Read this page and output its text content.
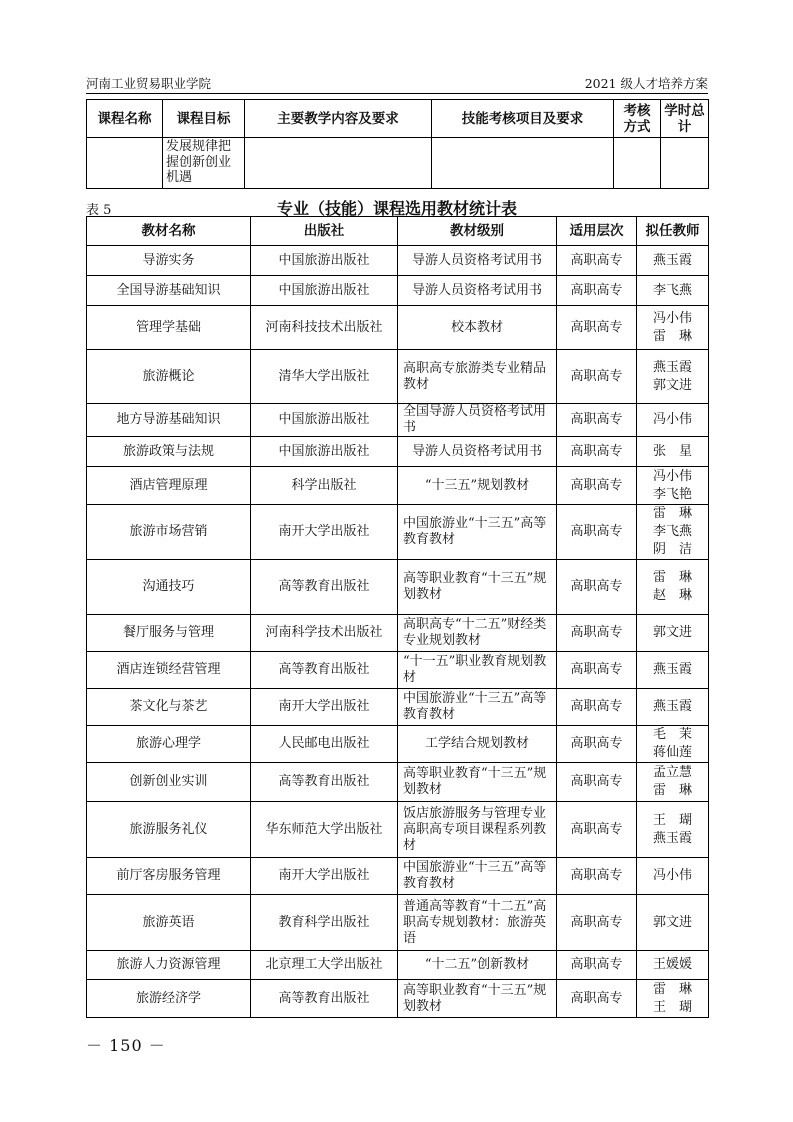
河南工业贸易职业学院	2021 级人才培养方案
课程名称	课程目标	主要教学内容及要求	技能考核项目及要求	考核方式	学时总计
	发展规律把握创新创业机遇				
表 5	专业（技能）课程选用教材统计表
教材名称	出版社	教材级别	适用层次	拟任教师
导游实务	中国旅游出版社	导游人员资格考试用书	高职高专	燕玉霞

全国导游基础知识	中国旅游出版社	导游人员资格考试用书	高职高专	李飞燕

管理学基础	河南科技技术出版社	校本教材	高职高专	冯小伟
雷　琳

旅游概论	清华大学出版社	高职高专旅游类专业精品教材	高职高专	燕玉霞
郭文进

地方导游基础知识	中国旅游出版社	全国导游人员资格考试用书	高职高专	冯小伟

旅游政策与法规	中国旅游出版社	导游人员资格考试用书	高职高专	张　星

酒店管理原理	科学出版社	“十三五”规划教材	高职高专	冯小伟
李飞艳

旅游市场营销	南开大学出版社	中国旅游业“十三五”高等教育教材	高职高专	雷　琳
李飞燕
阴　洁

沟通技巧	高等教育出版社	高等职业教育“十三五”规划教材	高职高专	雷　琳
赵　琳

餐厅服务与管理	河南科学技术出版社	高职高专“十二五”财经类专业规划教材	高职高专	郭文进

酒店连锁经营管理	高等教育出版社	“十一五”职业教育规划教材	高职高专	燕玉霞

茶文化与茶艺	南开大学出版社	中国旅游业“十三五”高等教育教材	高职高专	燕玉霞

旅游心理学	人民邮电出版社	工学结合规划教材	高职高专	毛　茉
蒋仙莲

创新创业实训	高等教育出版社	高等职业教育“十三五”规划教材	高职高专	孟立慧
雷　琳

旅游服务礼仪	华东师范大学出版社	饭店旅游服务与管理专业高职高专项目课程系列教材	高职高专	王　瑚
燕玉霞

前厅客房服务管理	南开大学出版社	中国旅游业“十三五”高等教育教材	高职高专	冯小伟

旅游英语	教育科学出版社	普通高等教育“十二五”高职高专规划教材：旅游英语	高职高专	郭文进

旅游人力资源管理	北京理工大学出版社	“十二五”创新教材	高职高专	王媛媛

旅游经济学	高等教育出版社	高等职业教育“十三五”规划教材	高职高专	雷　琳
王　瑚
－ 150 －
